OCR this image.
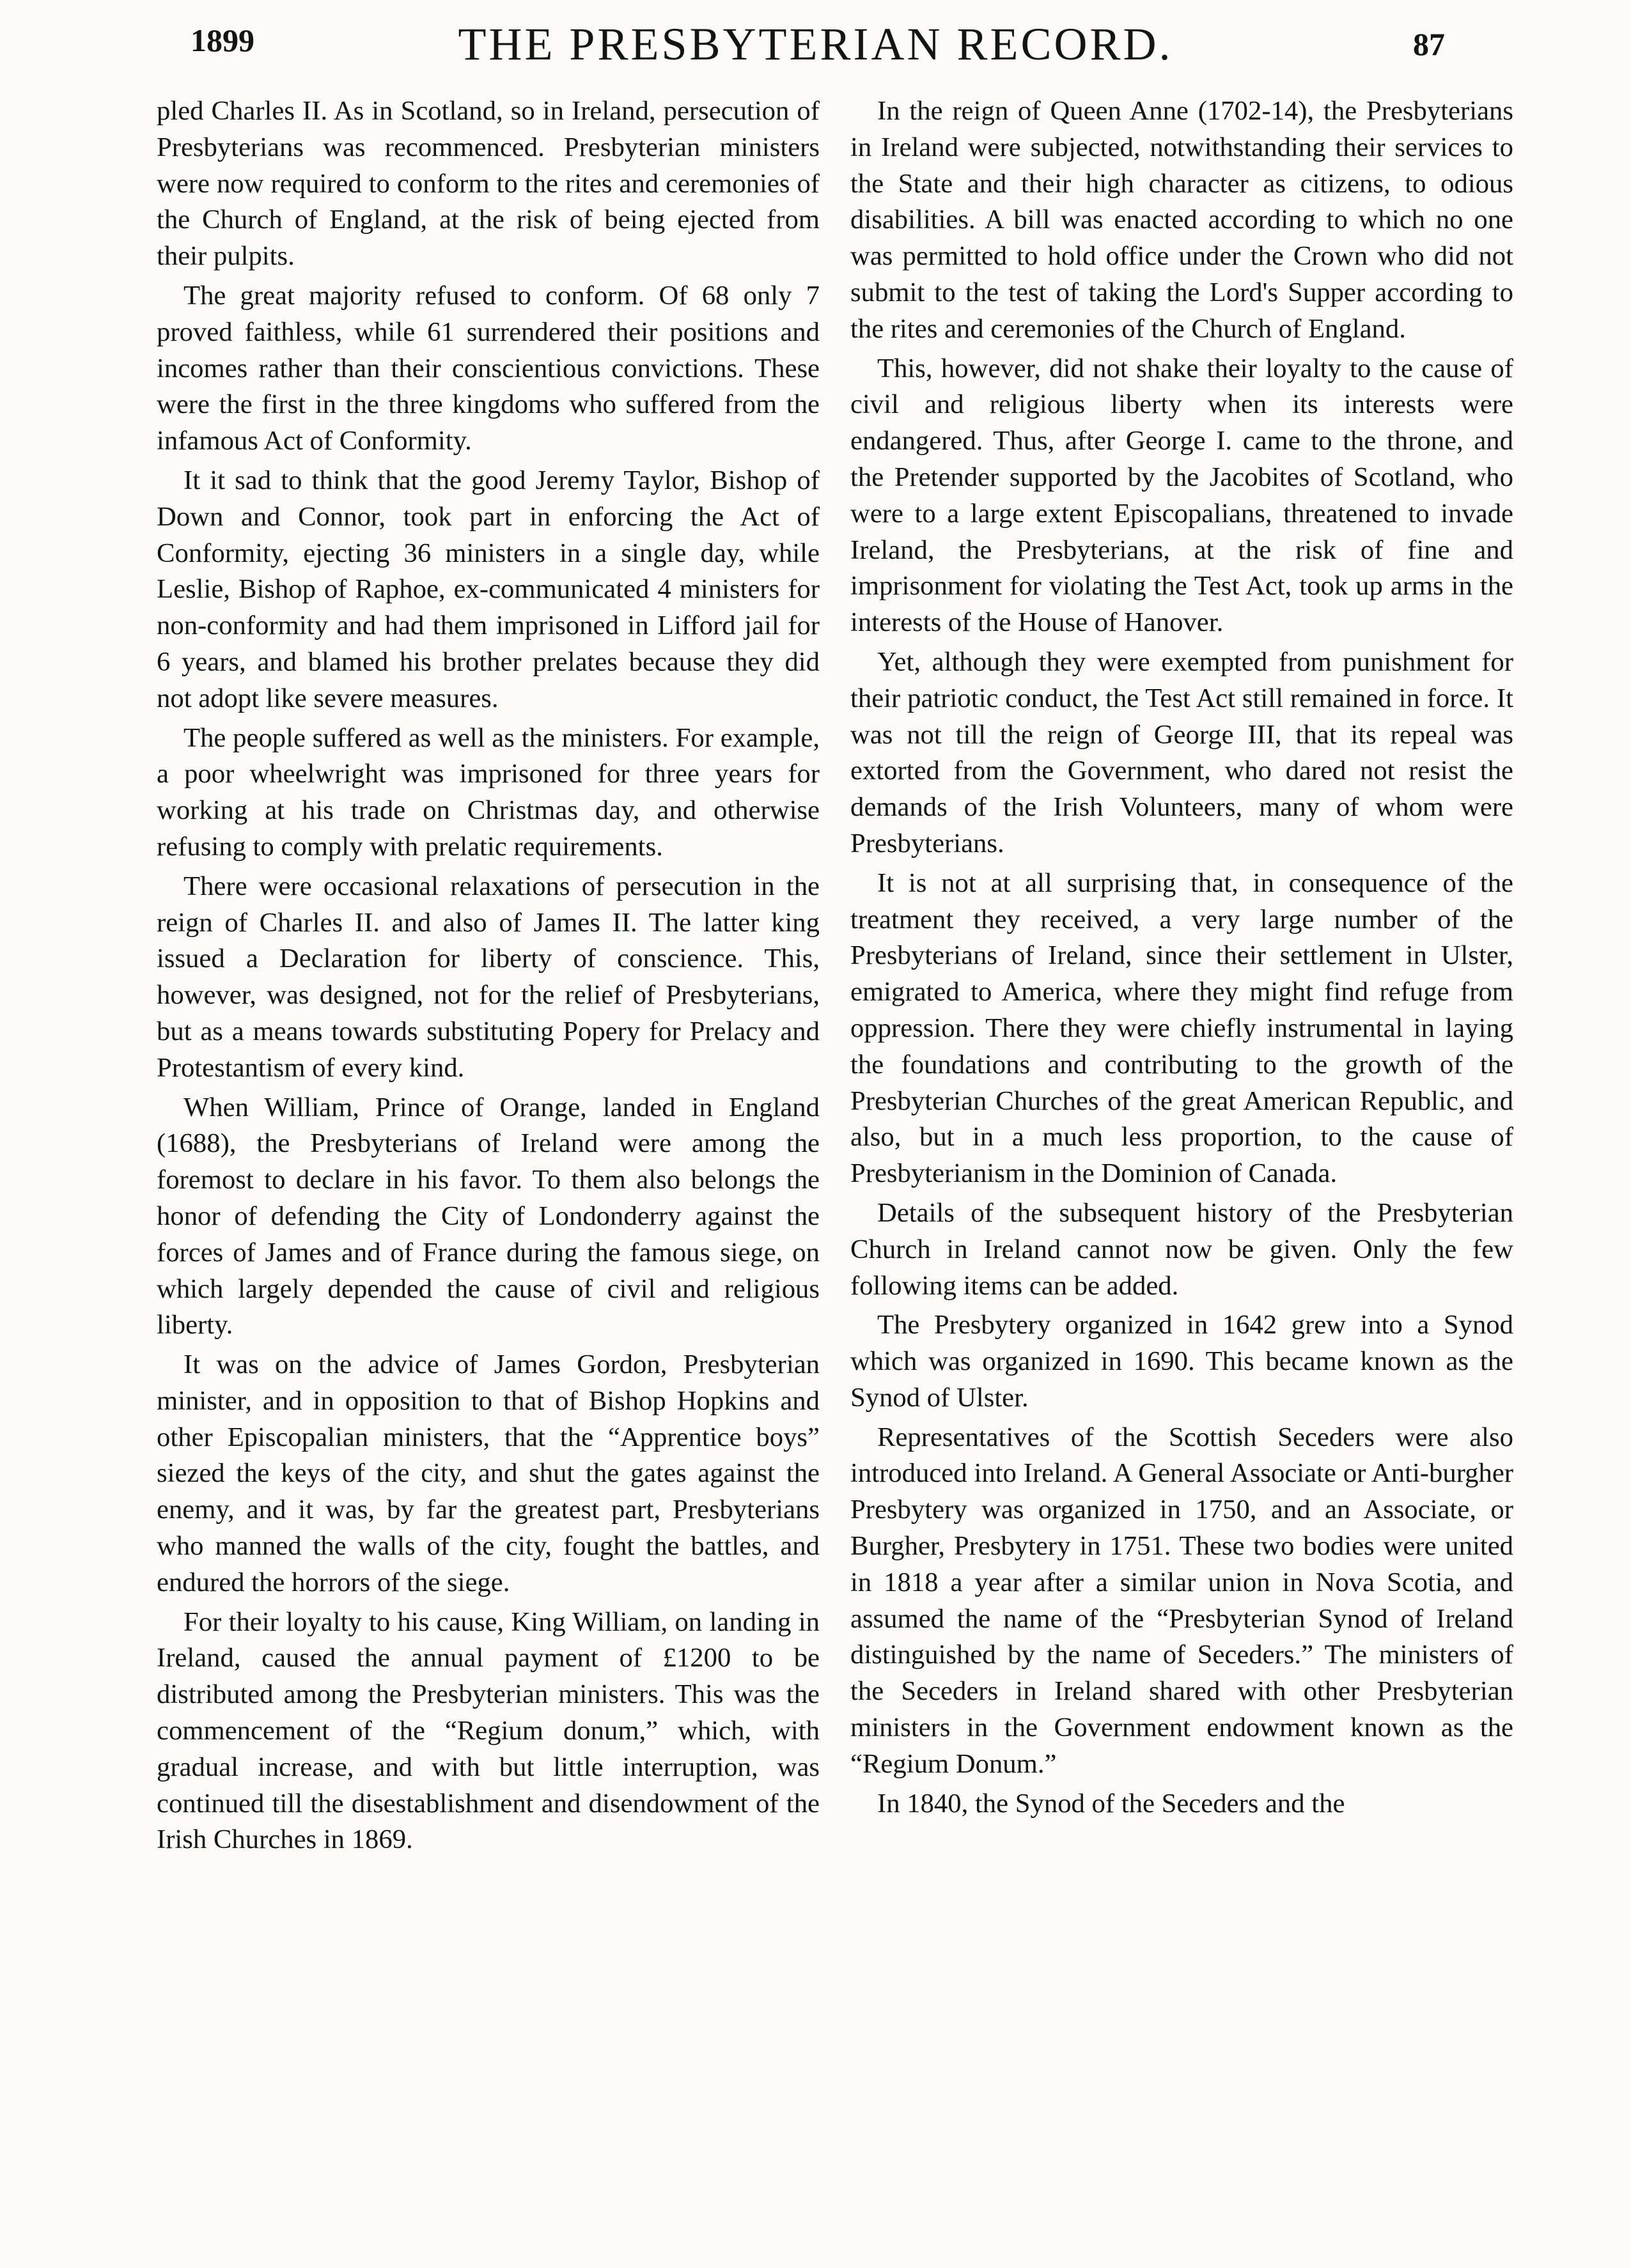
1899	THE PRESBYTERIAN RECORD.	87

pled Charles II. As in Scotland, so in Ireland, persecution of Presbyterians was recommenced. Presbyterian ministers were now required to conform to the rites and ceremonies of the Church of England, at the risk of being ejected from their pulpits.

The great majority refused to conform. Of 68 only 7 proved faithless, while 61 surrendered their positions and incomes rather than their conscientious convictions. These were the first in the three kingdoms who suffered from the infamous Act of Conformity.

It it sad to think that the good Jeremy Taylor, Bishop of Down and Connor, took part in enforcing the Act of Conformity, ejecting 36 ministers in a single day, while Leslie, Bishop of Raphoe, ex-communicated 4 ministers for non-conformity and had them imprisoned in Lifford jail for 6 years, and blamed his brother prelates because they did not adopt like severe measures.

The people suffered as well as the ministers. For example, a poor wheelwright was imprisoned for three years for working at his trade on Christmas day, and otherwise refusing to comply with prelatic requirements.

There were occasional relaxations of persecution in the reign of Charles II. and also of James II. The latter king issued a Declaration for liberty of conscience. This, however, was designed, not for the relief of Presbyterians, but as a means towards substituting Popery for Prelacy and Protestantism of every kind.

When William, Prince of Orange, landed in England (1688), the Presbyterians of Ireland were among the foremost to declare in his favor. To them also belongs the honor of defending the City of Londonderry against the forces of James and of France during the famous siege, on which largely depended the cause of civil and religious liberty.

It was on the advice of James Gordon, Presbyterian minister, and in opposition to that of Bishop Hopkins and other Episcopalian ministers, that the “Apprentice boys” siezed the keys of the city, and shut the gates against the enemy, and it was, by far the greatest part, Presbyterians who manned the walls of the city, fought the battles, and endured the horrors of the siege.

For their loyalty to his cause, King William, on landing in Ireland, caused the annual payment of £1200 to be distributed among the Presbyterian ministers. This was the commencement of the “Regium donum,” which, with gradual increase, and with but little interruption, was continued till the disestablishment and disendowment of the Irish Churches in 1869.

In the reign of Queen Anne (1702-14), the Presbyterians in Ireland were subjected, notwithstanding their services to the State and their high character as citizens, to odious disabilities. A bill was enacted according to which no one was permitted to hold office under the Crown who did not submit to the test of taking the Lord's Supper according to the rites and ceremonies of the Church of England.

This, however, did not shake their loyalty to the cause of civil and religious liberty when its interests were endangered. Thus, after George I. came to the throne, and the Pretender supported by the Jacobites of Scotland, who were to a large extent Episcopalians, threatened to invade Ireland, the Presbyterians, at the risk of fine and imprisonment for violating the Test Act, took up arms in the interests of the House of Hanover.

Yet, although they were exempted from punishment for their patriotic conduct, the Test Act still remained in force. It was not till the reign of George III, that its repeal was extorted from the Government, who dared not resist the demands of the Irish Volunteers, many of whom were Presbyterians.

It is not at all surprising that, in consequence of the treatment they received, a very large number of the Presbyterians of Ireland, since their settlement in Ulster, emigrated to America, where they might find refuge from oppression. There they were chiefly instrumental in laying the foundations and contributing to the growth of the Presbyterian Churches of the great American Republic, and also, but in a much less proportion, to the cause of Presbyterianism in the Dominion of Canada.

Details of the subsequent history of the Presbyterian Church in Ireland cannot now be given. Only the few following items can be added.

The Presbytery organized in 1642 grew into a Synod which was organized in 1690. This became known as the Synod of Ulster.

Representatives of the Scottish Seceders were also introduced into Ireland. A General Associate or Anti-burgher Presbytery was organized in 1750, and an Associate, or Burgher, Presbytery in 1751. These two bodies were united in 1818 a year after a similar union in Nova Scotia, and assumed the name of the “Presbyterian Synod of Ireland distinguished by the name of Seceders.” The ministers of the Seceders in Ireland shared with other Presbyterian ministers in the Government endowment known as the “Regium Donum.”

In 1840, the Synod of the Seceders and the
